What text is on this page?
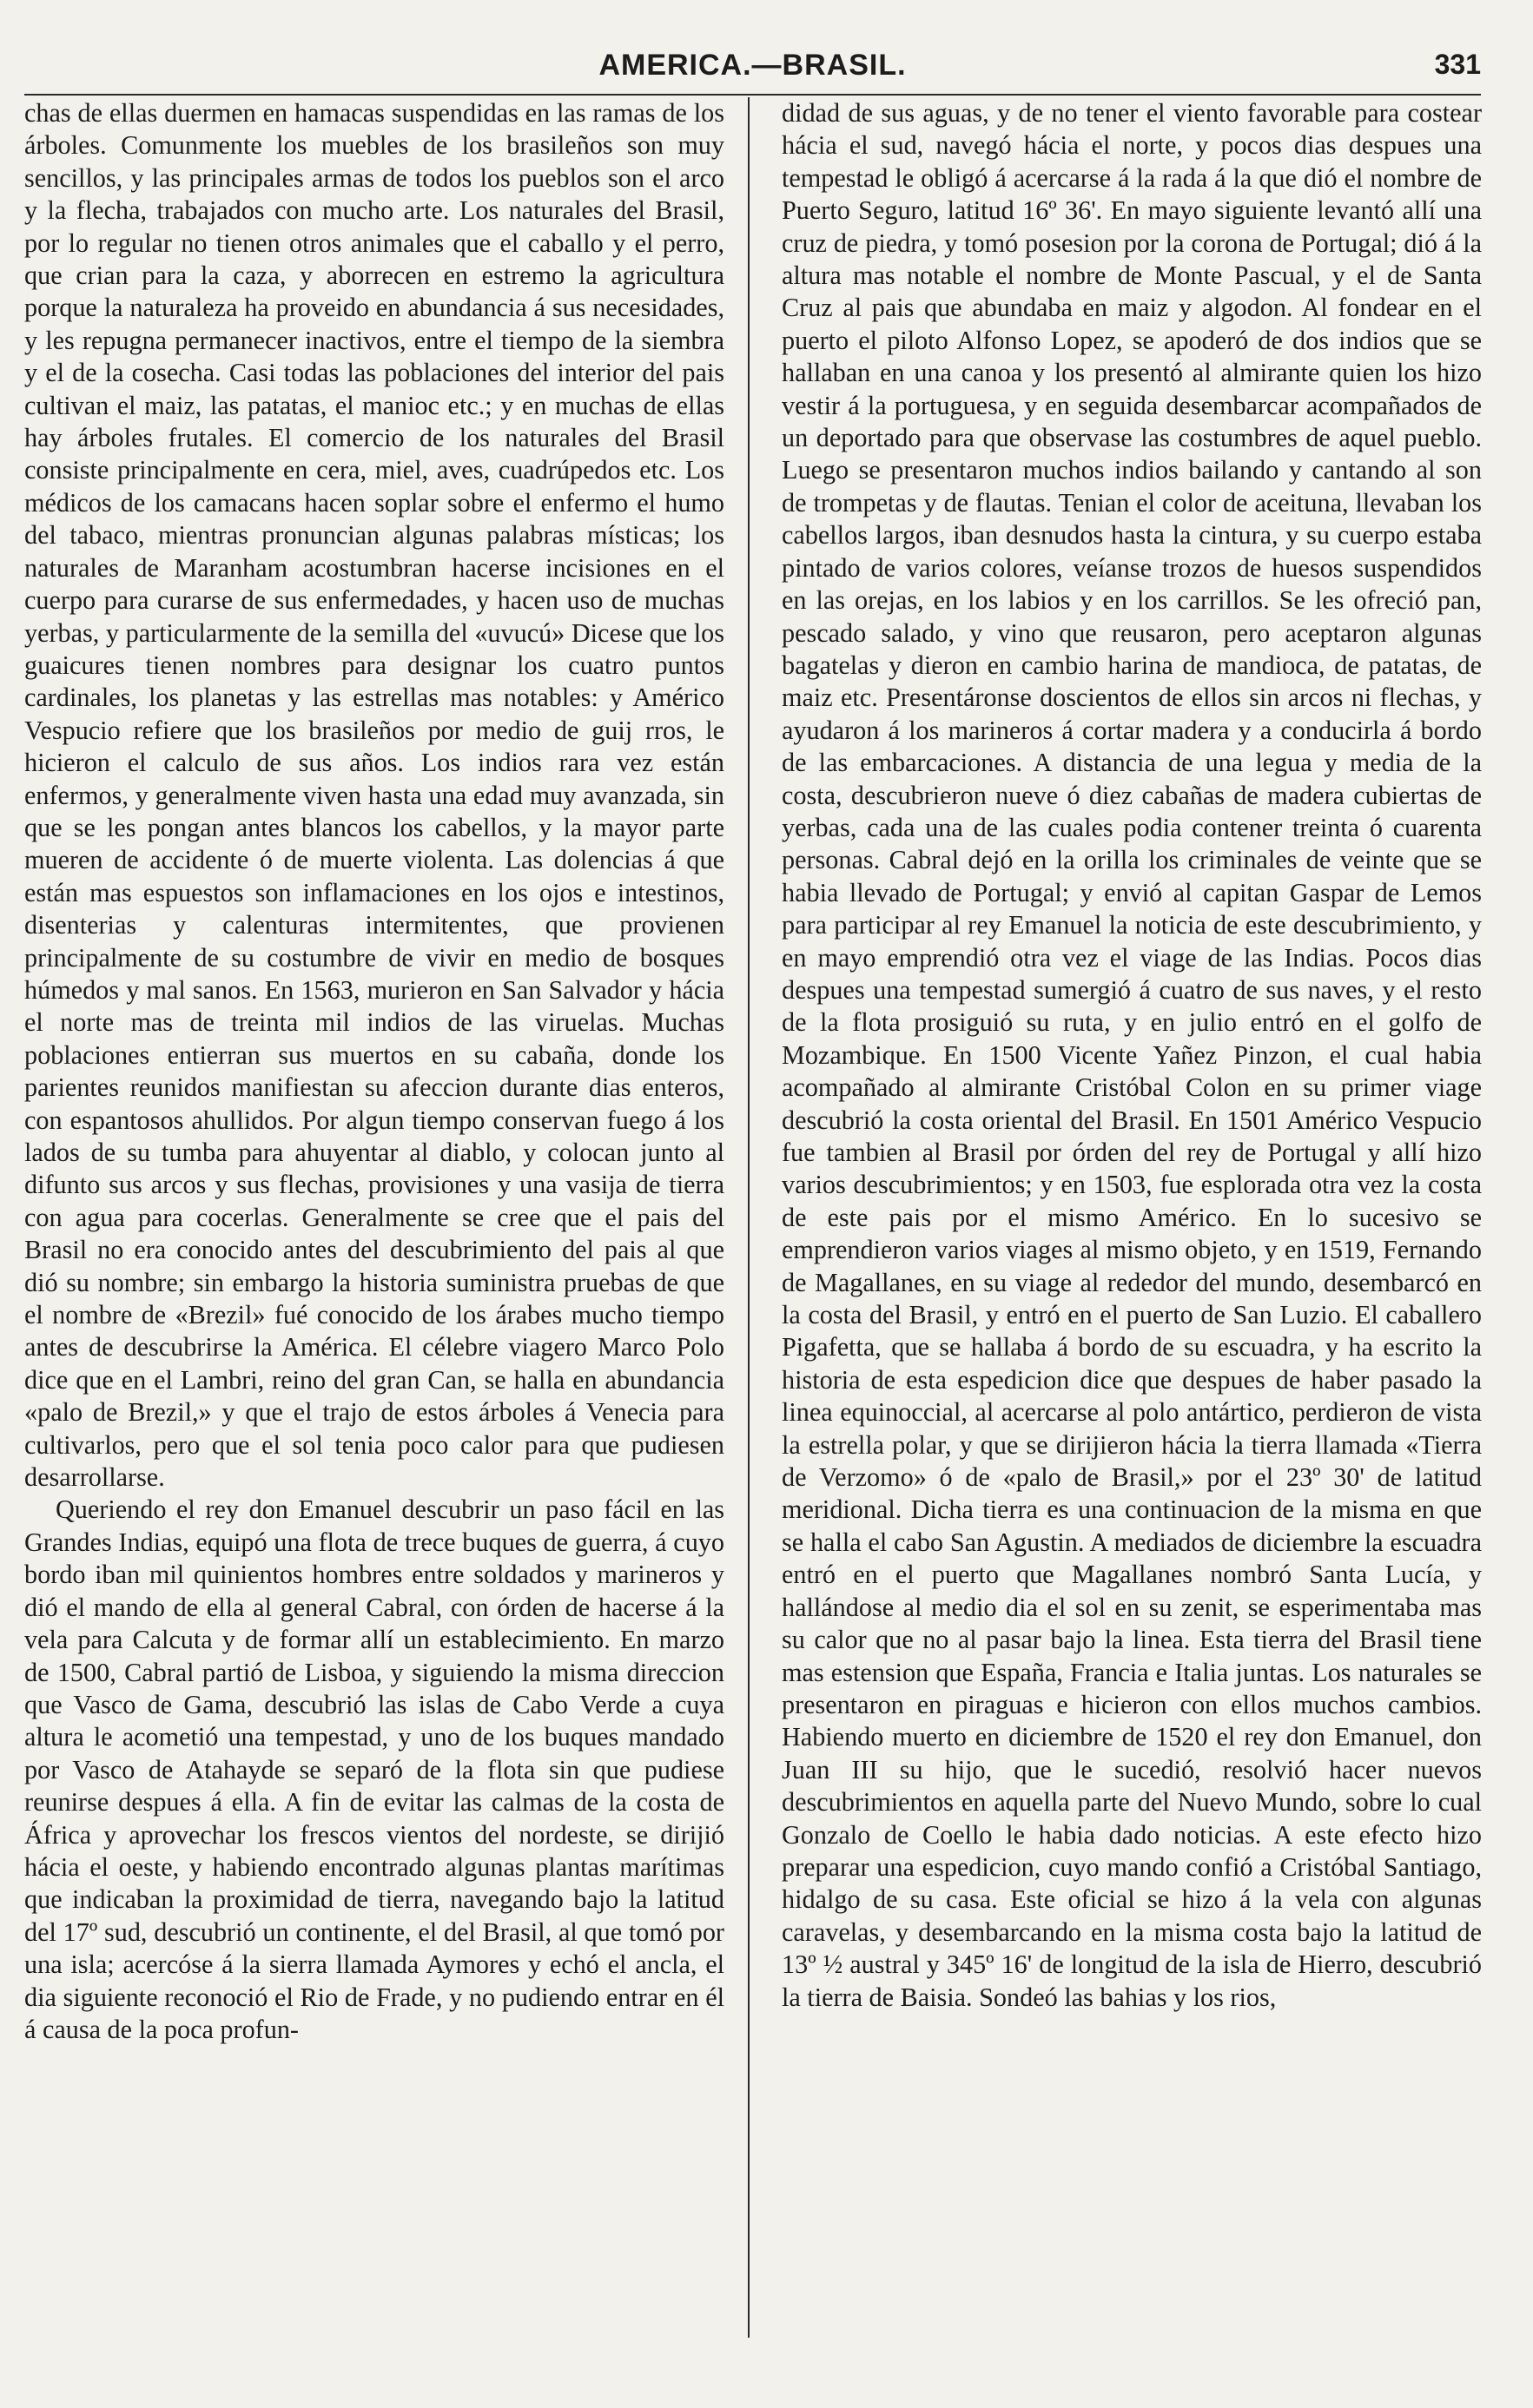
AMERICA.—BRASIL.	331

chas de ellas duermen en hamacas suspendidas en las ramas de los árboles. Comunmente los muebles de los brasileños son muy sencillos, y las principales armas de todos los pueblos son el arco y la flecha, trabajados con mucho arte. Los naturales del Brasil, por lo regular no tienen otros animales que el caballo y el perro, que crian para la caza, y aborrecen en estremo la agricultura porque la naturaleza ha proveido en abundancia á sus necesidades, y les repugna permanecer inactivos, entre el tiempo de la siembra y el de la cosecha. Casi todas las poblaciones del interior del pais cultivan el maiz, las patatas, el manioc etc.; y en muchas de ellas hay árboles frutales. El comercio de los naturales del Brasil consiste principalmente en cera, miel, aves, cuadrúpedos etc. Los médicos de los camacans hacen soplar sobre el enfermo el humo del tabaco, mientras pronuncian algunas palabras místicas; los naturales de Maranham acostumbran hacerse incisiones en el cuerpo para curarse de sus enfermedades, y hacen uso de muchas yerbas, y particularmente de la semilla del «uvucú» Dicese que los guaicures tienen nombres para designar los cuatro puntos cardinales, los planetas y las estrellas mas notables: y Américo Vespucio refiere que los brasileños por medio de guij rros, le hicieron el calculo de sus años. Los indios rara vez están enfermos, y generalmente viven hasta una edad muy avanzada, sin que se les pongan antes blancos los cabellos, y la mayor parte mueren de accidente ó de muerte violenta. Las dolencias á que están mas espuestos son inflamaciones en los ojos e intestinos, disenterias y calenturas intermitentes, que provienen principalmente de su costumbre de vivir en medio de bosques húmedos y mal sanos. En 1563, murieron en San Salvador y hácia el norte mas de treinta mil indios de las viruelas. Muchas poblaciones entierran sus muertos en su cabaña, donde los parientes reunidos manifiestan su afeccion durante dias enteros, con espantosos ahullidos. Por algun tiempo conservan fuego á los lados de su tumba para ahuyentar al diablo, y colocan junto al difunto sus arcos y sus flechas, provisiones y una vasija de tierra con agua para cocerlas. Generalmente se cree que el pais del Brasil no era conocido antes del descubrimiento del pais al que dió su nombre; sin embargo la historia suministra pruebas de que el nombre de «Brezil» fué conocido de los árabes mucho tiempo antes de descubrirse la América. El célebre viagero Marco Polo dice que en el Lambri, reino del gran Can, se halla en abundancia «palo de Brezil,» y que el trajo de estos árboles á Venecia para cultivarlos, pero que el sol tenia poco calor para que pudiesen desarrollarse.

Queriendo el rey don Emanuel descubrir un paso fácil en las Grandes Indias, equipó una flota de trece buques de guerra, á cuyo bordo iban mil quinientos hombres entre soldados y marineros y dió el mando de ella al general Cabral, con órden de hacerse á la vela para Calcuta y de formar allí un establecimiento. En marzo de 1500, Cabral partió de Lisboa, y siguiendo la misma direccion que Vasco de Gama, descubrió las islas de Cabo Verde a cuya altura le acometió una tempestad, y uno de los buques mandado por Vasco de Atahayde se separó de la flota sin que pudiese reunirse despues á ella. A fin de evitar las calmas de la costa de África y aprovechar los frescos vientos del nordeste, se dirijió hácia el oeste, y habiendo encontrado algunas plantas marítimas que indicaban la proximidad de tierra, navegando bajo la latitud del 17º sud, descubrió un continente, el del Brasil, al que tomó por una isla; acercóse á la sierra llamada Aymores y echó el ancla, el dia siguiente reconoció el Rio de Frade, y no pudiendo entrar en él á causa de la poca profun-

didad de sus aguas, y de no tener el viento favorable para costear hácia el sud, navegó hácia el norte, y pocos dias despues una tempestad le obligó á acercarse á la rada á la que dió el nombre de Puerto Seguro, latitud 16º 36'. En mayo siguiente levantó allí una cruz de piedra, y tomó posesion por la corona de Portugal; dió á la altura mas notable el nombre de Monte Pascual, y el de Santa Cruz al pais que abundaba en maiz y algodon. Al fondear en el puerto el piloto Alfonso Lopez, se apoderó de dos indios que se hallaban en una canoa y los presentó al almirante quien los hizo vestir á la portuguesa, y en seguida desembarcar acompañados de un deportado para que observase las costumbres de aquel pueblo. Luego se presentaron muchos indios bailando y cantando al son de trompetas y de flautas. Tenian el color de aceituna, llevaban los cabellos largos, iban desnudos hasta la cintura, y su cuerpo estaba pintado de varios colores, veíanse trozos de huesos suspendidos en las orejas, en los labios y en los carrillos. Se les ofreció pan, pescado salado, y vino que reusaron, pero aceptaron algunas bagatelas y dieron en cambio harina de mandioca, de patatas, de maiz etc. Presentáronse doscientos de ellos sin arcos ni flechas, y ayudaron á los marineros á cortar madera y a conducirla á bordo de las embarcaciones. A distancia de una legua y media de la costa, descubrieron nueve ó diez cabañas de madera cubiertas de yerbas, cada una de las cuales podia contener treinta ó cuarenta personas. Cabral dejó en la orilla los criminales de veinte que se habia llevado de Portugal; y envió al capitan Gaspar de Lemos para participar al rey Emanuel la noticia de este descubrimiento, y en mayo emprendió otra vez el viage de las Indias. Pocos dias despues una tempestad sumergió á cuatro de sus naves, y el resto de la flota prosiguió su ruta, y en julio entró en el golfo de Mozambique. En 1500 Vicente Yañez Pinzon, el cual habia acompañado al almirante Cristóbal Colon en su primer viage descubrió la costa oriental del Brasil. En 1501 Américo Vespucio fue tambien al Brasil por órden del rey de Portugal y allí hizo varios descubrimientos; y en 1503, fue esplorada otra vez la costa de este pais por el mismo Américo. En lo sucesivo se emprendieron varios viages al mismo objeto, y en 1519, Fernando de Magallanes, en su viage al rededor del mundo, desembarcó en la costa del Brasil, y entró en el puerto de San Luzio. El caballero Pigafetta, que se hallaba á bordo de su escuadra, y ha escrito la historia de esta espedicion dice que despues de haber pasado la linea equinoccial, al acercarse al polo antártico, perdieron de vista la estrella polar, y que se dirijieron hácia la tierra llamada «Tierra de Verzomo» ó de «palo de Brasil,» por el 23º 30' de latitud meridional. Dicha tierra es una continuacion de la misma en que se halla el cabo San Agustin. A mediados de diciembre la escuadra entró en el puerto que Magallanes nombró Santa Lucía, y hallándose al medio dia el sol en su zenit, se esperimentaba mas su calor que no al pasar bajo la linea. Esta tierra del Brasil tiene mas estension que España, Francia e Italia juntas. Los naturales se presentaron en piraguas e hicieron con ellos muchos cambios. Habiendo muerto en diciembre de 1520 el rey don Emanuel, don Juan III su hijo, que le sucedió, resolvió hacer nuevos descubrimientos en aquella parte del Nuevo Mundo, sobre lo cual Gonzalo de Coello le habia dado noticias. A este efecto hizo preparar una espedicion, cuyo mando confió a Cristóbal Santiago, hidalgo de su casa. Este oficial se hizo á la vela con algunas caravelas, y desembarcando en la misma costa bajo la latitud de 13º ½ austral y 345º 16' de longitud de la isla de Hierro, descubrió la tierra de Baisia. Sondeó las bahias y los rios,
